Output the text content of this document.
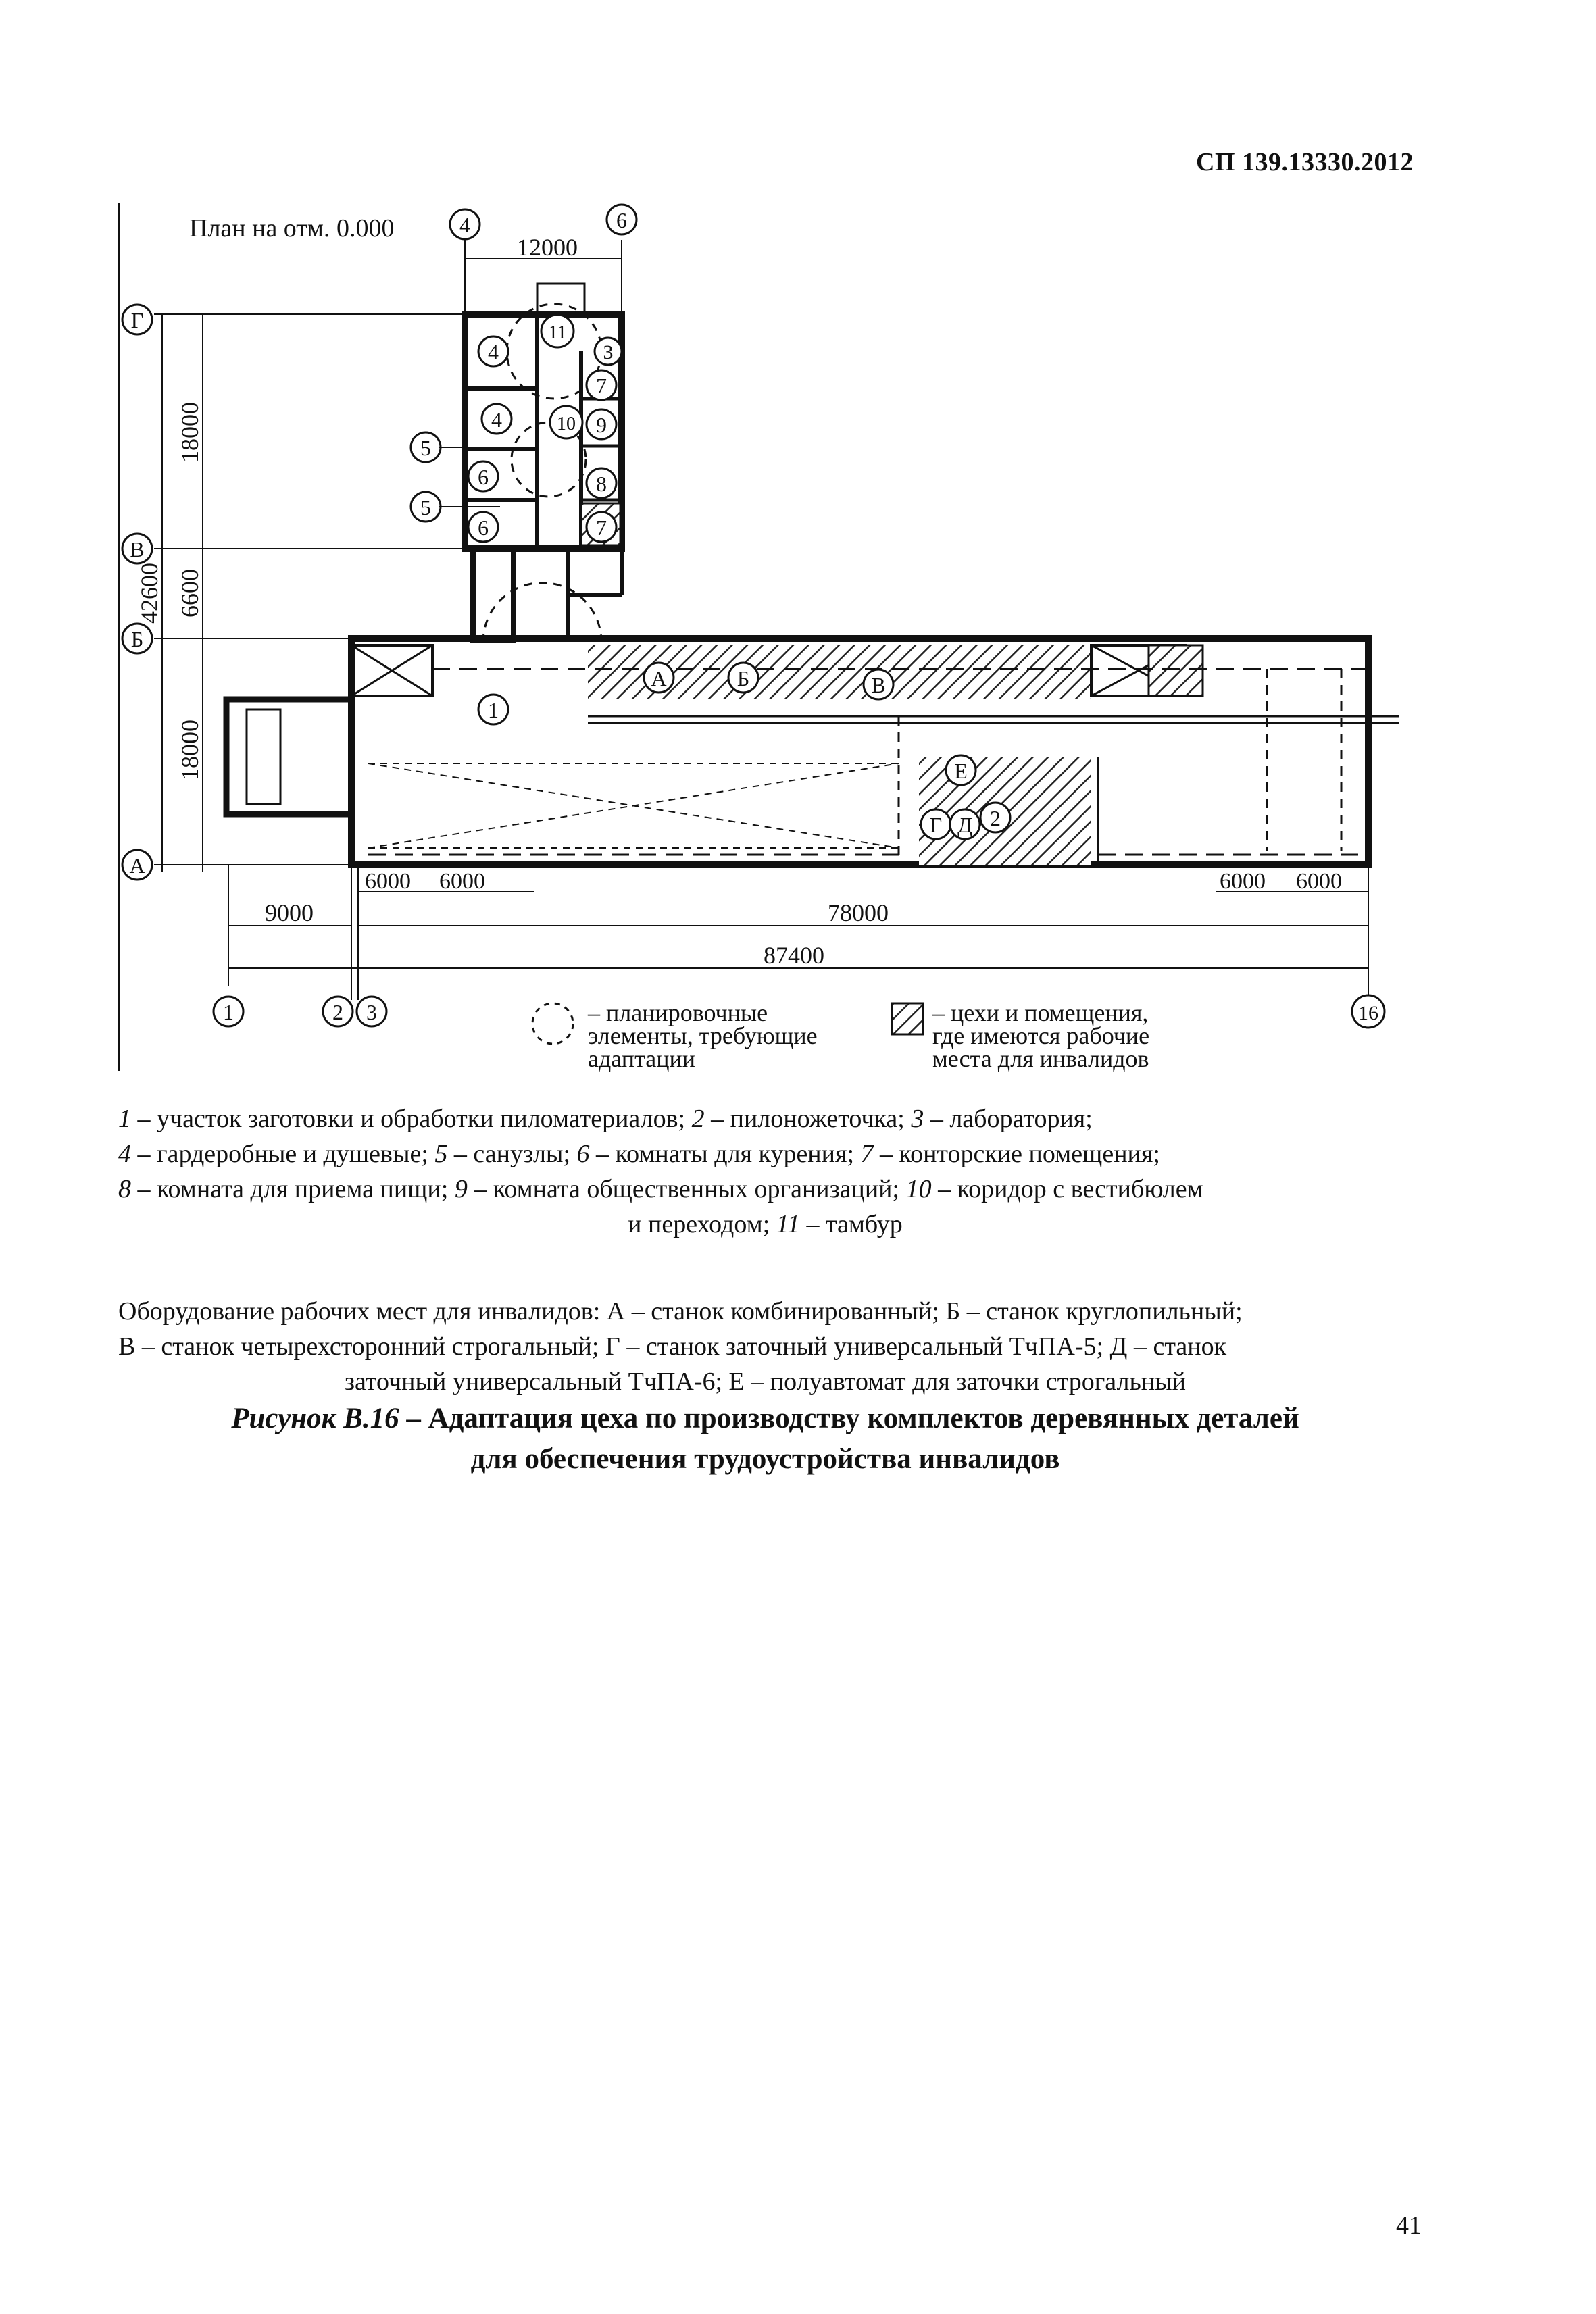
СП 139.13330.2012
План на отм. 0.000
12000
4	6
Г
В
Б
А
18000
6600
42600
18000
А	Б	В
Г Д
Е
1
2
3
4
4
5
5
6
6
7
7
8
9
10
11
6000 6000	6000 6000
9000	78000
87400
1	2 3	16
– планировочные
элементы, требующие
адаптации
– цехи и помещения,
где имеются рабочие
места для инвалидов
1 – участок заготовки и обработки пиломатериалов; 2 – пилоножеточка; 3 – лаборатория;
4 – гардеробные и душевые; 5 – санузлы; 6 – комнаты для курения; 7 – конторские помещения;
8 – комната для приема пищи; 9 – комната общественных организаций; 10 – коридор с вестибюлем
и переходом; 11 – тамбур
Оборудование рабочих мест для инвалидов: А – станок комбинированный; Б – станок круглопильный;
В – станок четырехсторонний строгальный; Г – станок заточный универсальный ТчПА-5; Д – станок
заточный универсальный ТчПА-6; Е – полуавтомат для заточки строгальный
Рисунок В.16 – Адаптация цеха по производству комплектов деревянных деталей
для обеспечения трудоустройства инвалидов
41
